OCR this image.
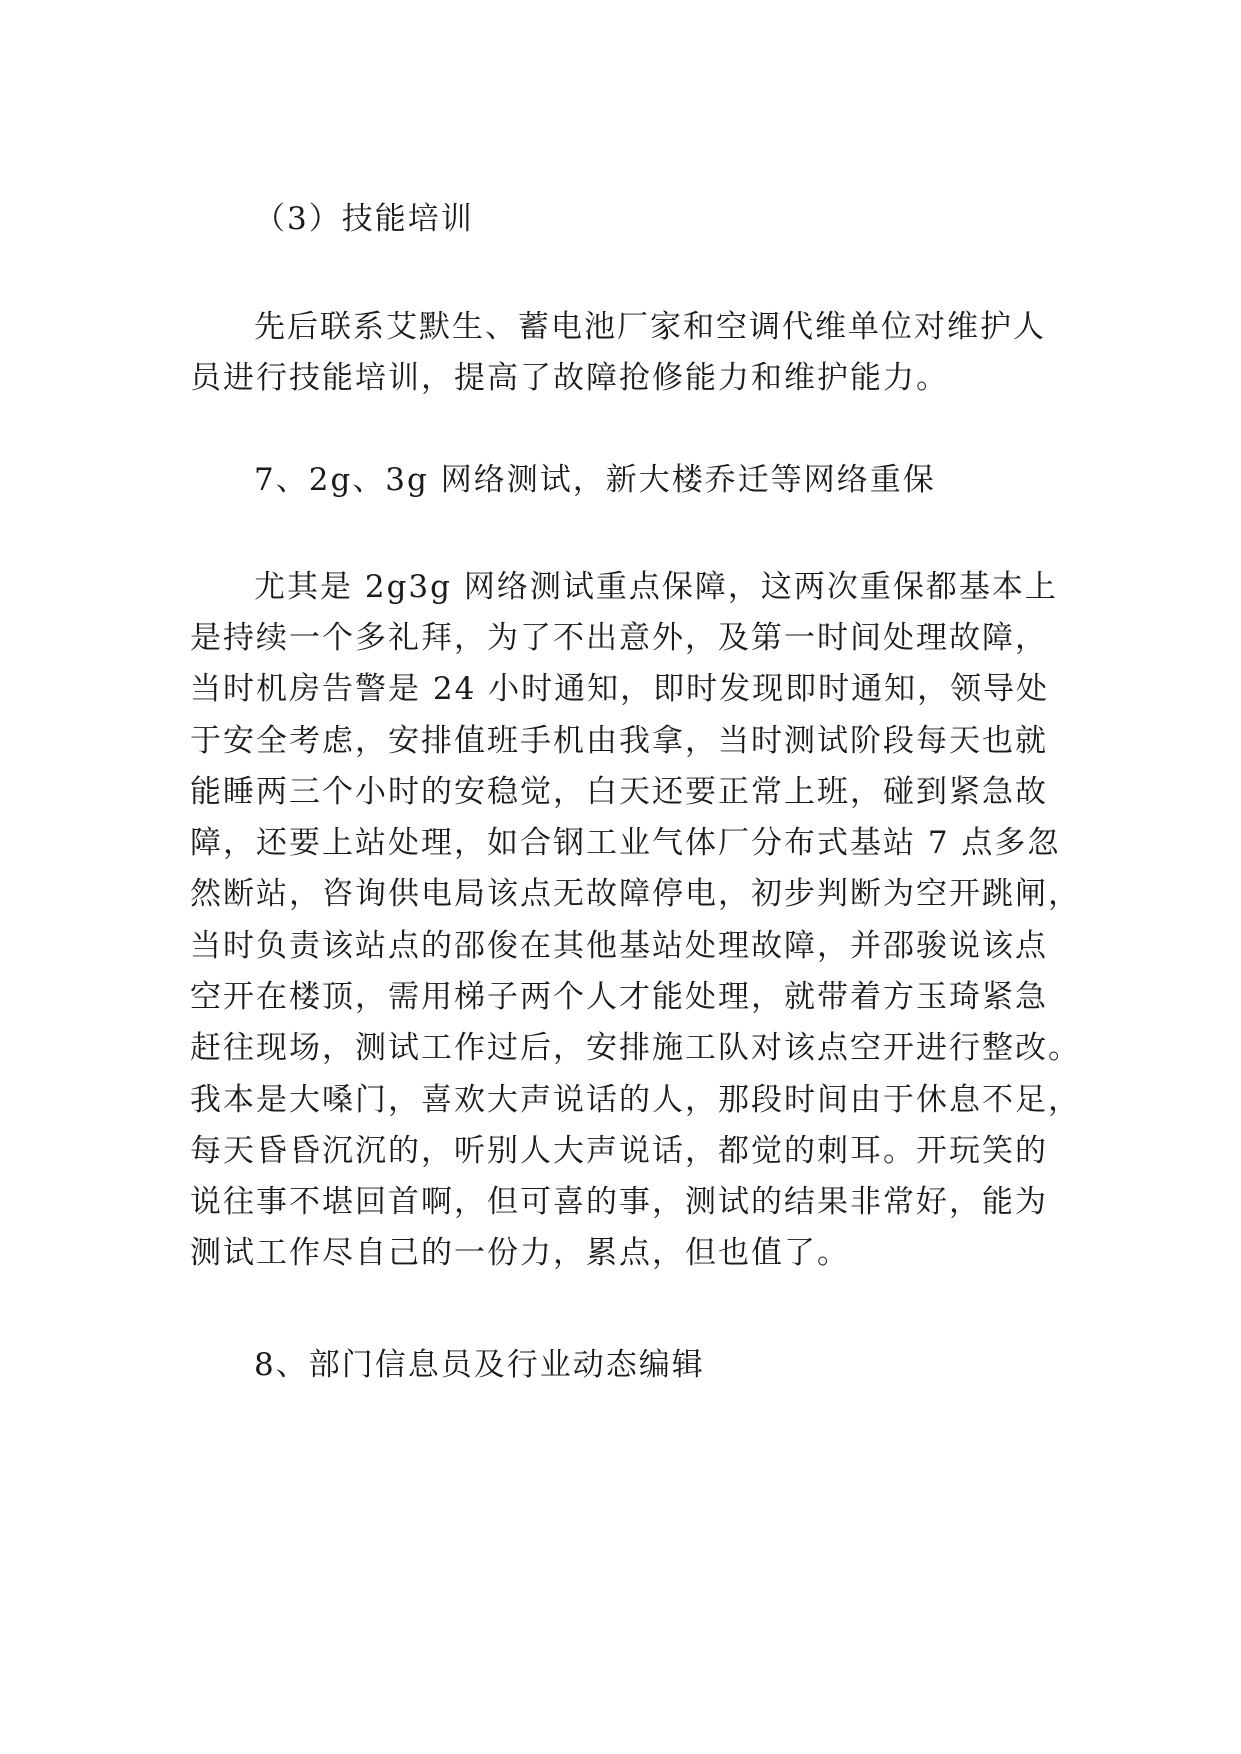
（3）技能培训
先后联系艾默生、蓄电池厂家和空调代维单位对维护人
员进行技能培训，提高了故障抢修能力和维护能力。
7、2g、3g 网络测试，新大楼乔迁等网络重保
尤其是 2g3g 网络测试重点保障，这两次重保都基本上
是持续一个多礼拜，为了不出意外，及第一时间处理故障，
当时机房告警是 24 小时通知，即时发现即时通知，领导处
于安全考虑，安排值班手机由我拿，当时测试阶段每天也就
能睡两三个小时的安稳觉，白天还要正常上班，碰到紧急故
障，还要上站处理，如合钢工业气体厂分布式基站 7 点多忽
然断站，咨询供电局该点无故障停电，初步判断为空开跳闸，
当时负责该站点的邵俊在其他基站处理故障，并邵骏说该点
空开在楼顶，需用梯子两个人才能处理，就带着方玉琦紧急
赶往现场，测试工作过后，安排施工队对该点空开进行整改。
我本是大嗓门，喜欢大声说话的人，那段时间由于休息不足，
每天昏昏沉沉的，听别人大声说话，都觉的刺耳。开玩笑的
说往事不堪回首啊，但可喜的事，测试的结果非常好，能为
测试工作尽自己的一份力，累点，但也值了。
8、部门信息员及行业动态编辑
